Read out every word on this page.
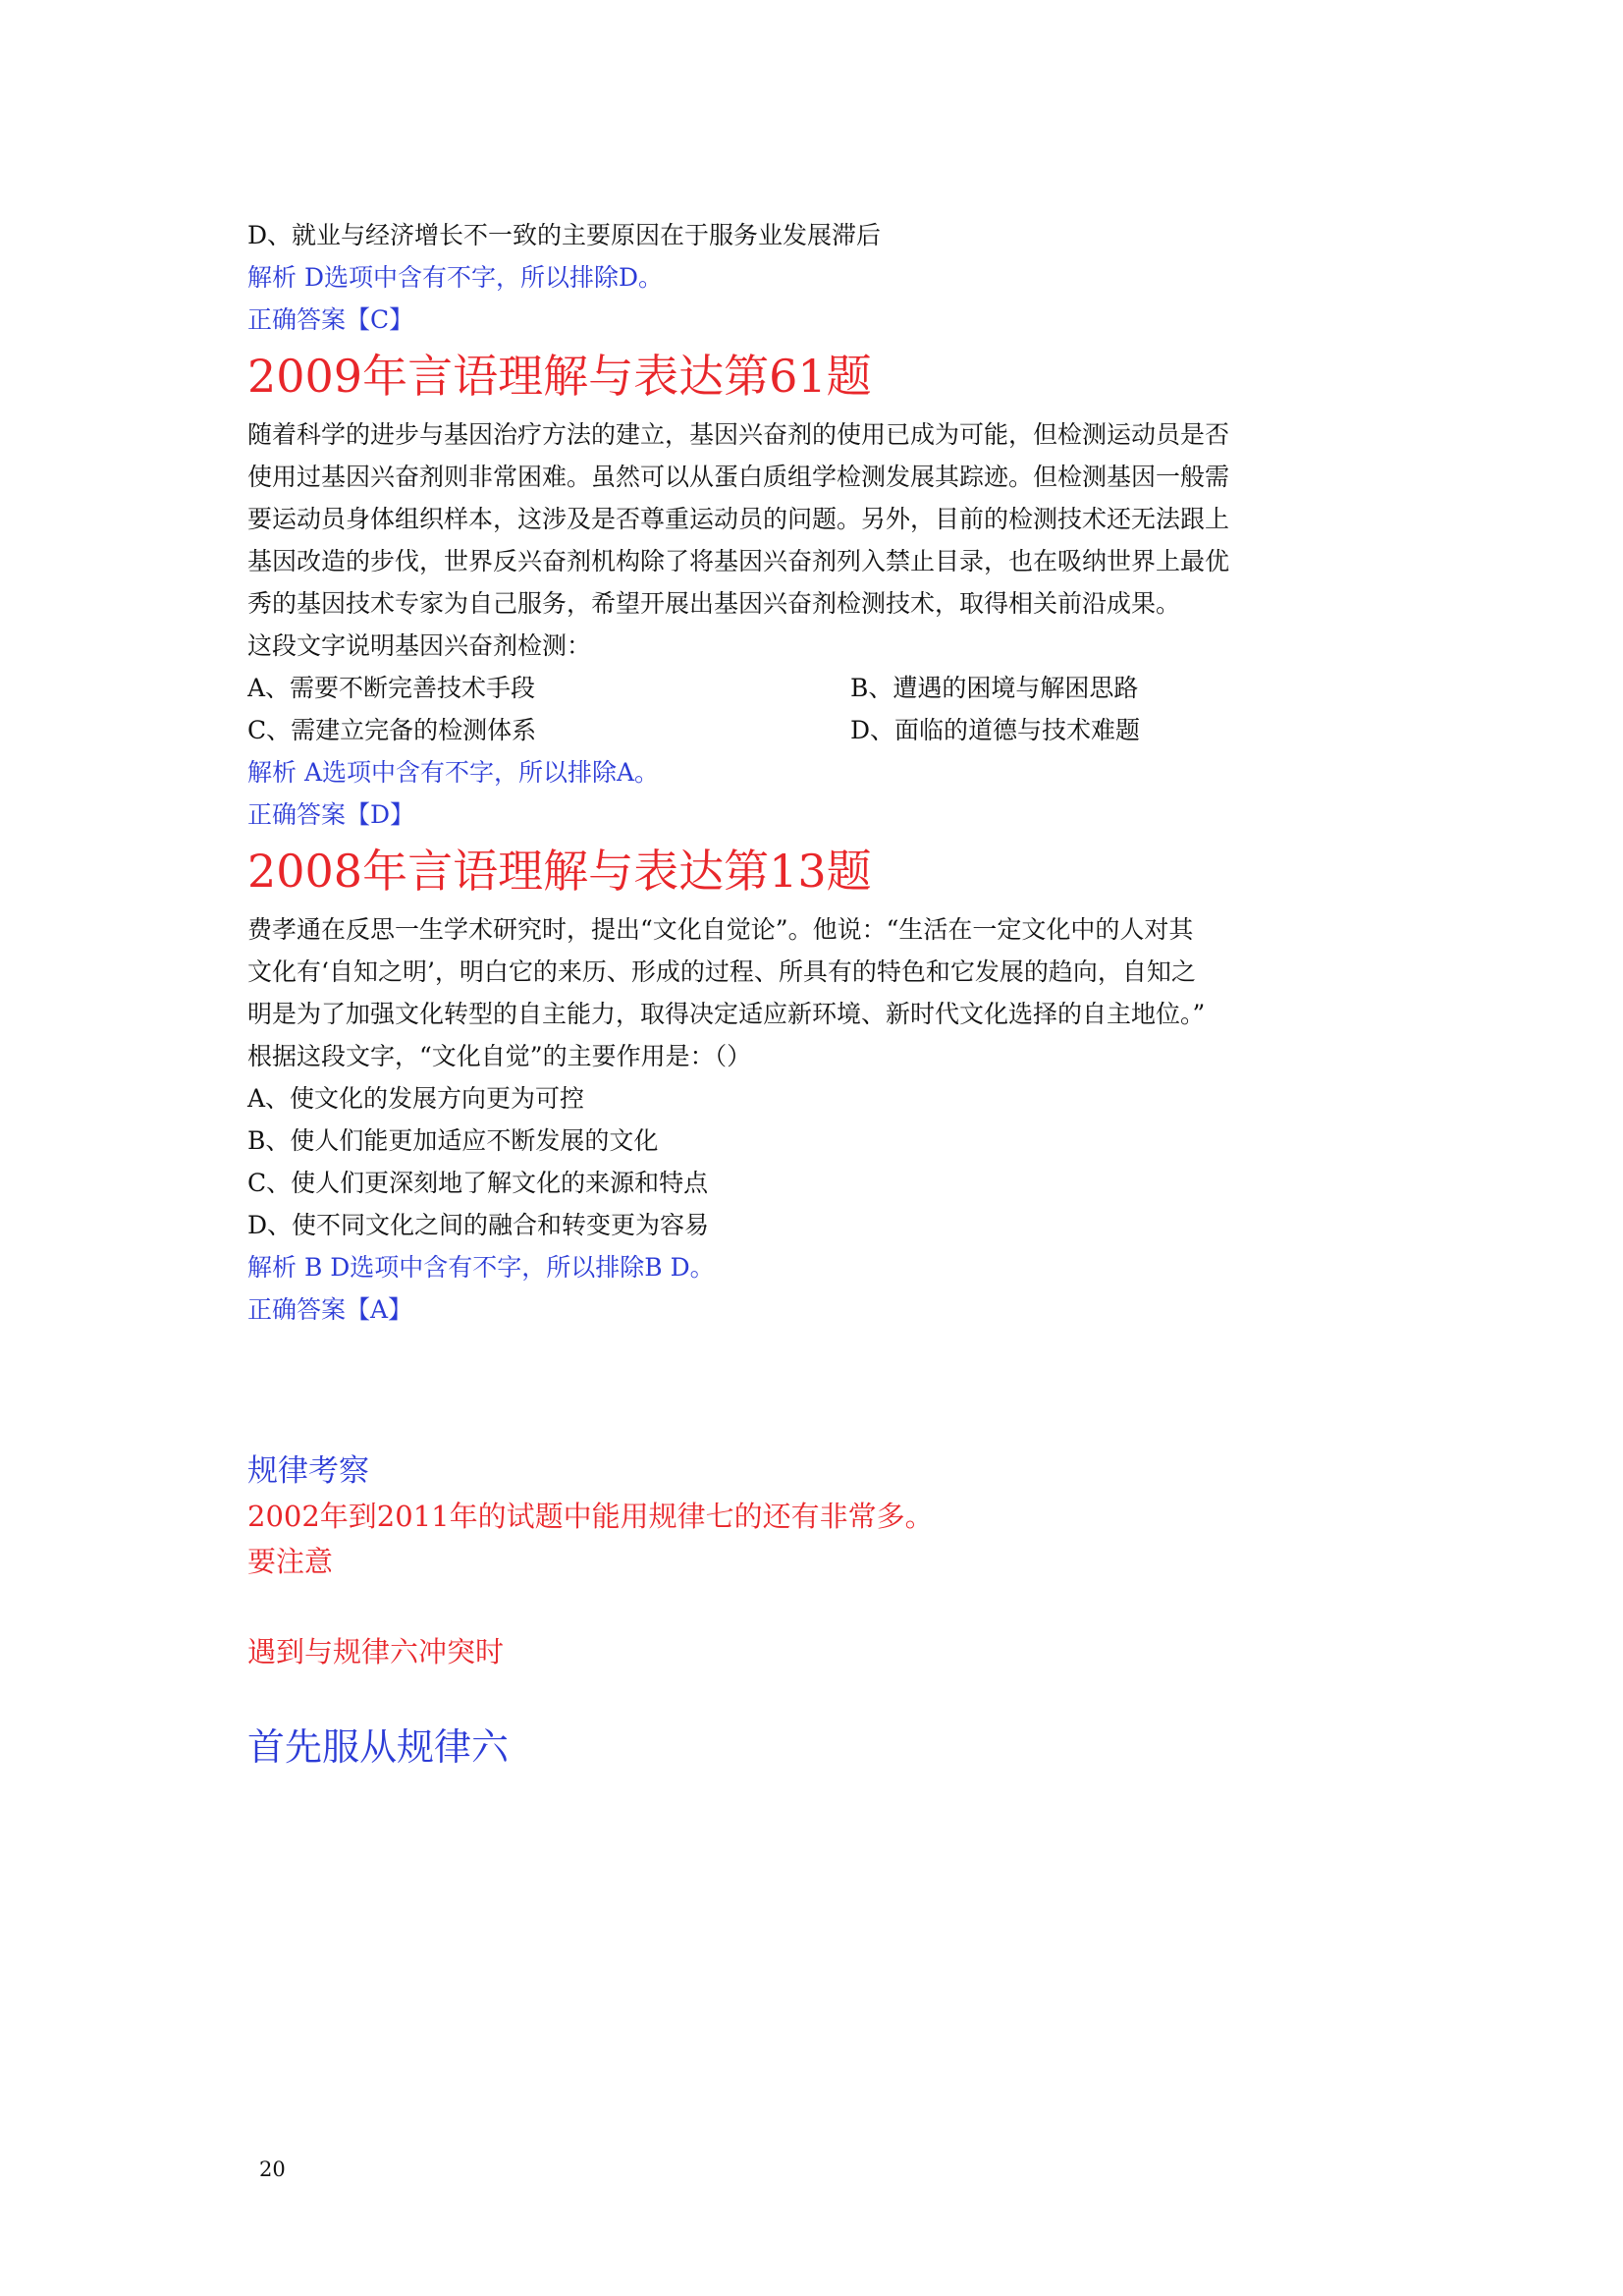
D、就业与经济增长不一致的主要原因在于服务业发展滞后
解析 D选项中含有不字，所以排除D。
正确答案【C】
2009年言语理解与表达第61题
随着科学的进步与基因治疗方法的建立，基因兴奋剂的使用已成为可能，但检测运动员是否
使用过基因兴奋剂则非常困难。虽然可以从蛋白质组学检测发展其踪迹。但检测基因一般需
要运动员身体组织样本，这涉及是否尊重运动员的问题。另外，目前的检测技术还无法跟上
基因改造的步伐，世界反兴奋剂机构除了将基因兴奋剂列入禁止目录，也在吸纳世界上最优
秀的基因技术专家为自己服务，希望开展出基因兴奋剂检测技术，取得相关前沿成果。
这段文字说明基因兴奋剂检测：
A、需要不断完善技术手段	B、遭遇的困境与解困思路
C、需建立完备的检测体系	D、面临的道德与技术难题
解析 A选项中含有不字，所以排除A。
正确答案【D】
2008年言语理解与表达第13题
费孝通在反思一生学术研究时，提出“文化自觉论”。他说：“生活在一定文化中的人对其
文化有‘自知之明’，明白它的来历、形成的过程、所具有的特色和它发展的趋向，自知之
明是为了加强文化转型的自主能力，取得决定适应新环境、新时代文化选择的自主地位。”
根据这段文字，“文化自觉”的主要作用是：（）
A、使文化的发展方向更为可控
B、使人们能更加适应不断发展的文化
C、使人们更深刻地了解文化的来源和特点
D、使不同文化之间的融合和转变更为容易
解析 B D选项中含有不字，所以排除B D。
正确答案【A】
规律考察
2002年到2011年的试题中能用规律七的还有非常多。
要注意
遇到与规律六冲突时
首先服从规律六
20
